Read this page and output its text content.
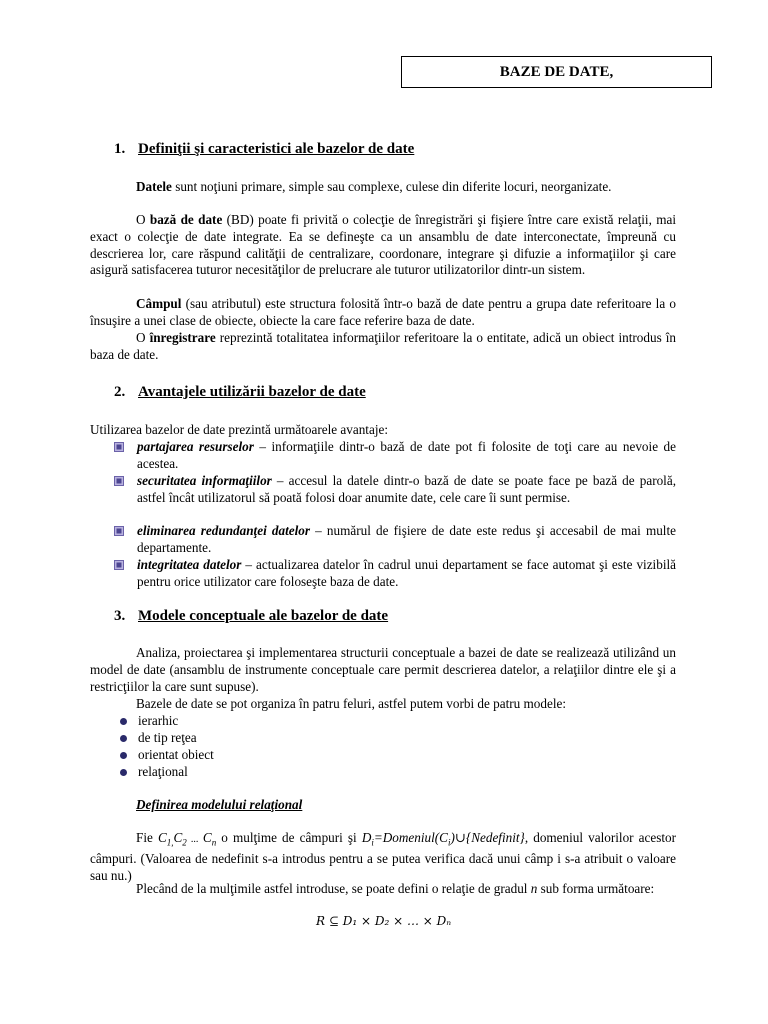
BAZE DE DATE,
1. Definiţii şi caracteristici ale bazelor de date
Datele sunt noţiuni primare, simple sau complexe, culese din diferite locuri, neorganizate.
O bază de date (BD) poate fi privită o colecţie de înregistrări şi fişiere între care există relaţii, mai exact o colecţie de date integrate. Ea se defineşte ca un ansamblu de date interconectate, împreună cu descrierea lor, care răspund calităţii de centralizare, coordonare, integrare şi difuzie a informaţiilor şi care asigură satisfacerea tuturor necesităţilor de prelucrare ale tuturor utilizatorilor dintr-un sistem.
Câmpul (sau atributul) este structura folosită într-o bază de date pentru a grupa date referitoare la o însuşire a unei clase de obiecte, obiecte la care face referire baza de date.
O înregistrare reprezintă totalitatea informaţiilor referitoare la o entitate, adică un obiect introdus în baza de date.
2. Avantajele utilizării bazelor de date
Utilizarea bazelor de date prezintă următoarele avantaje:
partajarea resurselor – informaţiile dintr-o bază de date pot fi folosite de toţi care au nevoie de acestea.
securitatea informaţiilor – accesul la datele dintr-o bază de date se poate face pe bază de parolă, astfel încât utilizatorul să poată folosi doar anumite date, cele care îi sunt permise.
eliminarea redundanţei datelor – numărul de fişiere de date este redus şi accesabil de mai multe departamente.
integritatea datelor – actualizarea datelor în cadrul unui departament se face automat şi este vizibilă pentru orice utilizator care foloseşte baza de date.
3. Modele conceptuale ale bazelor de date
Analiza, proiectarea şi implementarea structurii conceptuale a bazei de date se realizează utilizând un model de date (ansamblu de instrumente conceptuale care permit descrierea datelor, a relaţiilor dintre ele şi a restricţiilor la care sunt supuse).
Bazele de date se pot organiza în patru feluri, astfel putem vorbi de patru modele:
ierarhic
de tip reţea
orientat obiect
relaţional
Definirea modelului relaţional
Fie $C_{1,}C_2$ ... $C_n$ o mulţime de câmpuri şi $D_i=Domeniul(C_i)\cup\{Nedefinit\}$, domeniul valorilor acestor câmpuri. (Valoarea de nedefinit s-a introdus pentru a se putea verifica dacă unui câmp i s-a atribuit o valoare sau nu.)
Plecând de la mulţimile astfel introduse, se poate defini o relaţie de gradul n sub forma următoare:
R ⊆ D₁ × D₂ × … × Dₙ
